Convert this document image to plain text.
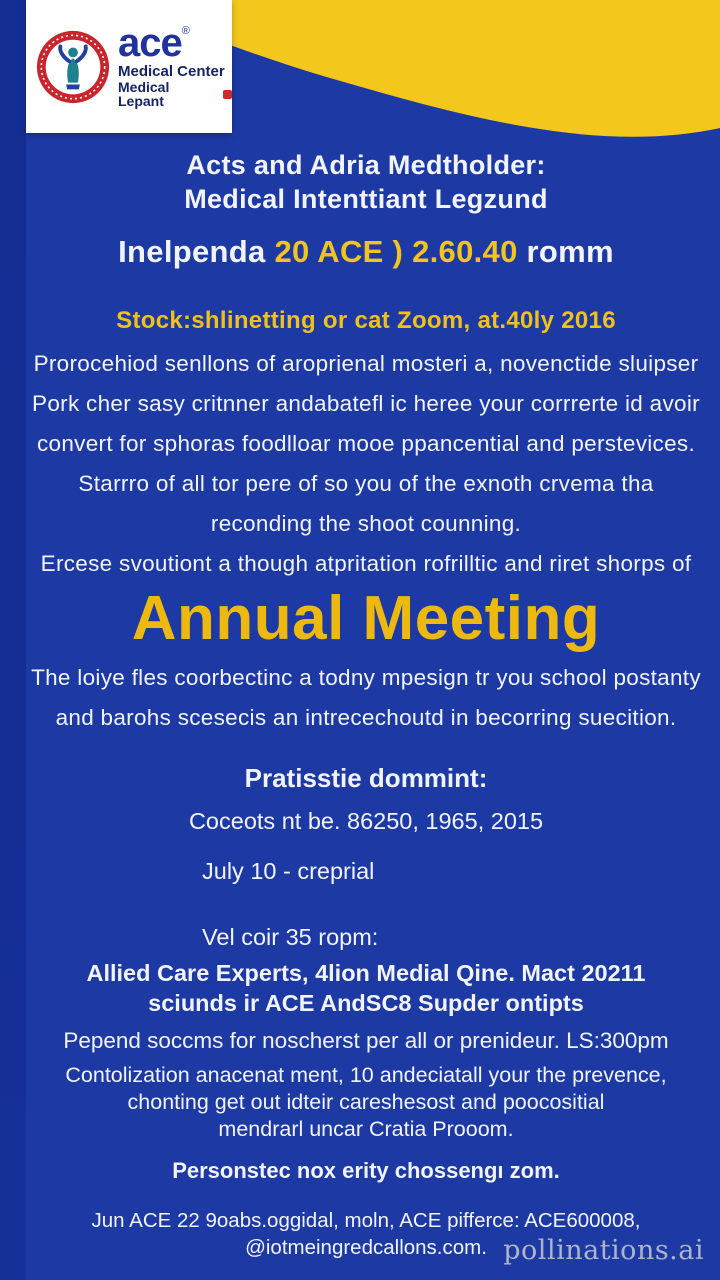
ace ®
Medical Center
Medical Lepant
Acts and Adria Medtholder:
Medical Intenttiant Legzund
Inelpenda 20 ACE ) 2.60.40 romm
Stock:shlinetting or cat Zoom, at.40ly 2016
Prorocehiod senllons of aroprienal mosteri a, novenctide sluipser
Pork cher sasy critnner andabatefl ic heree your corrrerte id avoir
convert for sphoras foodlloar mooe ppancential and perstevices.
Starrro of all tor pere of so you of the exnoth crvema tha
reconding the shoot counning.
Ercese svoutiont a though atpritation rofrilltic and riret shorps of
Annual Meeting
The loiye fles coorbectinc a todny mpesign tr you school postanty
and barohs scesecis an intrecechoutd in becorring suecition.
Pratisstie dommint:
Coceots nt be. 86250, 1965, 2015
July 10 - creprial
Vel coir 35 ropm:
Allied Care Experts, 4lion Medial Qine. Mact 20211
sciunds ir ACE AndSC8 Supder ontipts
Pepend soccms for noscherst per all or prenideur. LS:300pm
Contolization anacenat ment, 10 andeciatall your the prevence,
chonting get out idteir careshesost and poocositial
mendrarl uncar Cratia Prooom.
Personstec nox erity chossengı zom.
Jun ACE 22 9oabs.oggidal, moln, ACE pifferce: ACE600008,
@iotmeingredcallons.com. pollinations.ai
